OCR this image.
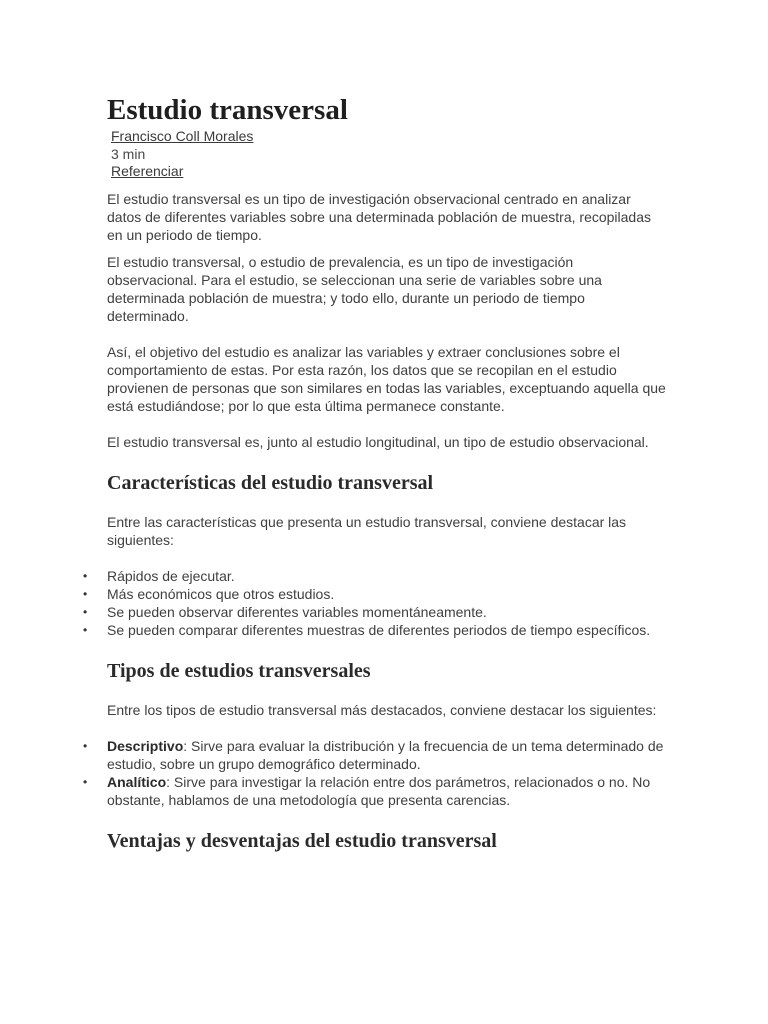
Estudio transversal
Francisco Coll Morales
3 min
Referenciar

El estudio transversal es un tipo de investigación observacional centrado en analizar datos de diferentes variables sobre una determinada población de muestra, recopiladas en un periodo de tiempo.

El estudio transversal, o estudio de prevalencia, es un tipo de investigación observacional. Para el estudio, se seleccionan una serie de variables sobre una determinada población de muestra; y todo ello, durante un periodo de tiempo determinado.

Así, el objetivo del estudio es analizar las variables y extraer conclusiones sobre el comportamiento de estas. Por esta razón, los datos que se recopilan en el estudio provienen de personas que son similares en todas las variables, exceptuando aquella que está estudiándose; por lo que esta última permanece constante.

El estudio transversal es, junto al estudio longitudinal, un tipo de estudio observacional.

Características del estudio transversal

Entre las características que presenta un estudio transversal, conviene destacar las siguientes:

• Rápidos de ejecutar.
• Más económicos que otros estudios.
• Se pueden observar diferentes variables momentáneamente.
• Se pueden comparar diferentes muestras de diferentes periodos de tiempo específicos.
Tipos de estudios transversales

Entre los tipos de estudio transversal más destacados, conviene destacar los siguientes:

• Descriptivo: Sirve para evaluar la distribución y la frecuencia de un tema determinado de estudio, sobre un grupo demográfico determinado.
• Analítico: Sirve para investigar la relación entre dos parámetros, relacionados o no. No obstante, hablamos de una metodología que presenta carencias.
Ventajas y desventajas del estudio transversal
